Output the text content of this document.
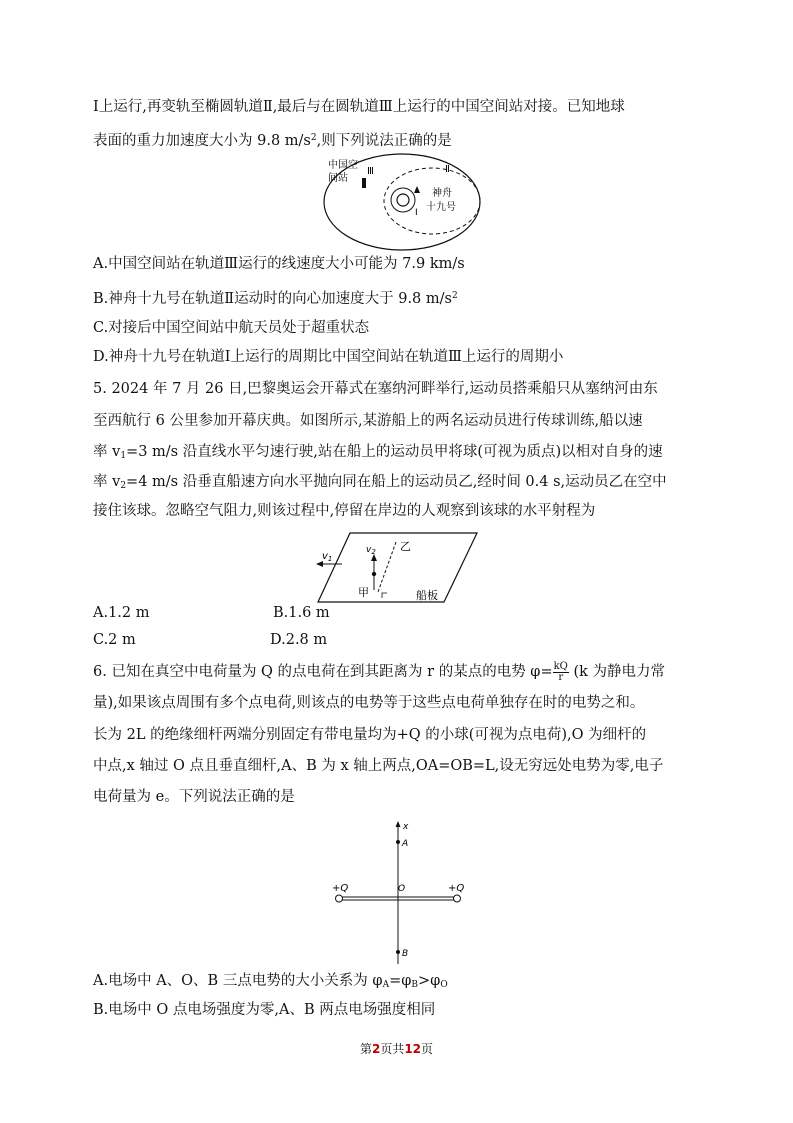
Ⅰ上运行,再变轨至椭圆轨道Ⅱ,最后与在圆轨道Ⅲ上运行的中国空间站对接。已知地球
表面的重力加速度大小为 9.8 $m/s^2$,则下列说法正确的是
中国空
间站
Ⅲ	Ⅱ
Ⅰ
神舟
十九号
A.中国空间站在轨道Ⅲ运行的线速度大小可能为 7.9 km/s
B.神舟十九号在轨道Ⅱ运动时的向心加速度大于 9.8 $m/s^2$
C.对接后中国空间站中航天员处于超重状态
D.神舟十九号在轨道Ⅰ上运行的周期比中国空间站在轨道Ⅲ上运行的周期小
5. 2024 年 7 月 26 日,巴黎奥运会开幕式在塞纳河畔举行,运动员搭乘船只从塞纳河由东
至西航行 6 公里参加开幕庆典。如图所示,某游船上的两名运动员进行传球训练,船以速
率 $v_1=3$ m/s 沿直线水平匀速行驶,站在船上的运动员甲将球(可视为质点)以相对自身的速
率 $v_2=4$ m/s 沿垂直船速方向水平抛向同在船上的运动员乙,经时间 0.4 s,运动员乙在空中
接住该球。忽略空气阻力,则该过程中,停留在岸边的人观察到该球的水平射程为
$v_1$
$v_2$ 乙
甲	船板
A.1.2 m	B.1.6 m
C.2 m	D.2.8 m
6. 已知在真空中电荷量为 Q 的点电荷在到其距离为 r 的某点的电势 $\varphi= \frac{kQ}{r} (k$ 为静电力常
量),如果该点周围有多个点电荷,则该点的电势等于这些点电荷单独存在时的电势之和。
长为 2L 的绝缘细杆两端分别固定有带电量均为+Q 的小球(可视为点电荷),O 为细杆的
中点,x 轴过 O 点且垂直细杆,A、B 为 x 轴上两点,OA=OB=L,设无穷远处电势为零,电子
电荷量为 e。下列说法正确的是
x
A
+Q	+Q
O
B
A.电场中 A、O、B 三点电势的大小关系为 $\varphi_A=\varphi_B>\varphi_O$
B.电场中 O 点电场强度为零,A、B 两点电场强度相同
第2页共12页
